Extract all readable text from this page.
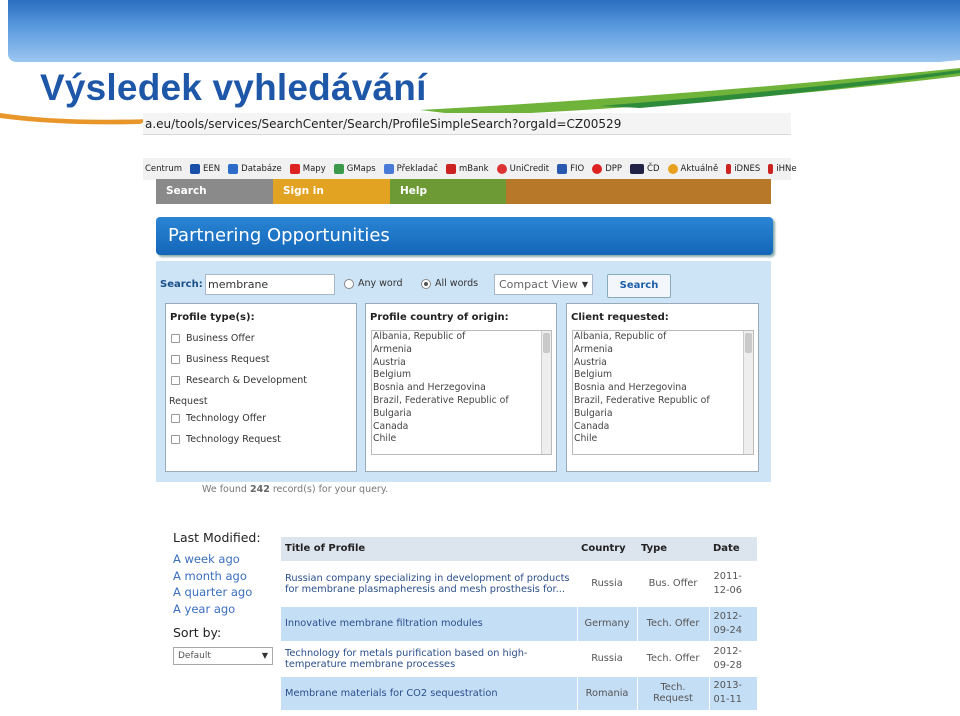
Výsledek vyhledávání
a.eu/tools/services/SearchCenter/Search/ProfileSimpleSearch?orgaId=CZ00529
Centrum EEN Databáze Mapy GMaps Překladač mBank UniCredit FIO DPP	ČD Aktuálně iDNES iHNe
Search	Sign in	Help
Partnering Opportunities
Search: membrane	Any word	All words	Compact View ▼	Search
Profile type(s):
Business Offer
Business Request
Research & Development
Request
Technology Offer
Technology Request
Profile country of origin:
Albania, Republic of
Armenia
Austria
Belgium
Bosnia and Herzegovina
Brazil, Federative Republic of
Bulgaria
Canada
Chile
Client requested:
Albania, Republic of
Armenia
Austria
Belgium
Bosnia and Herzegovina
Brazil, Federative Republic of
Bulgaria
Canada
Chile
We found 242 record(s) for your query.
Last Modified:
A week ago
A month ago
A quarter ago
A year ago
Sort by:
Default	▼
Title of Profile	Country	Type	Date
Russian company specializing in development of products for membrane plasmapheresis and mesh prosthesis for...	Russia	Bus. Offer	2011-
12-06

Innovative membrane filtration modules	Germany	Tech. Offer	2012-
09-24

Technology for metals purification based on high-temperature membrane processes	Russia	Tech. Offer	2012-
09-28

Membrane materials for CO2 sequestration	Romania	Tech. Request	2013-
01-11
